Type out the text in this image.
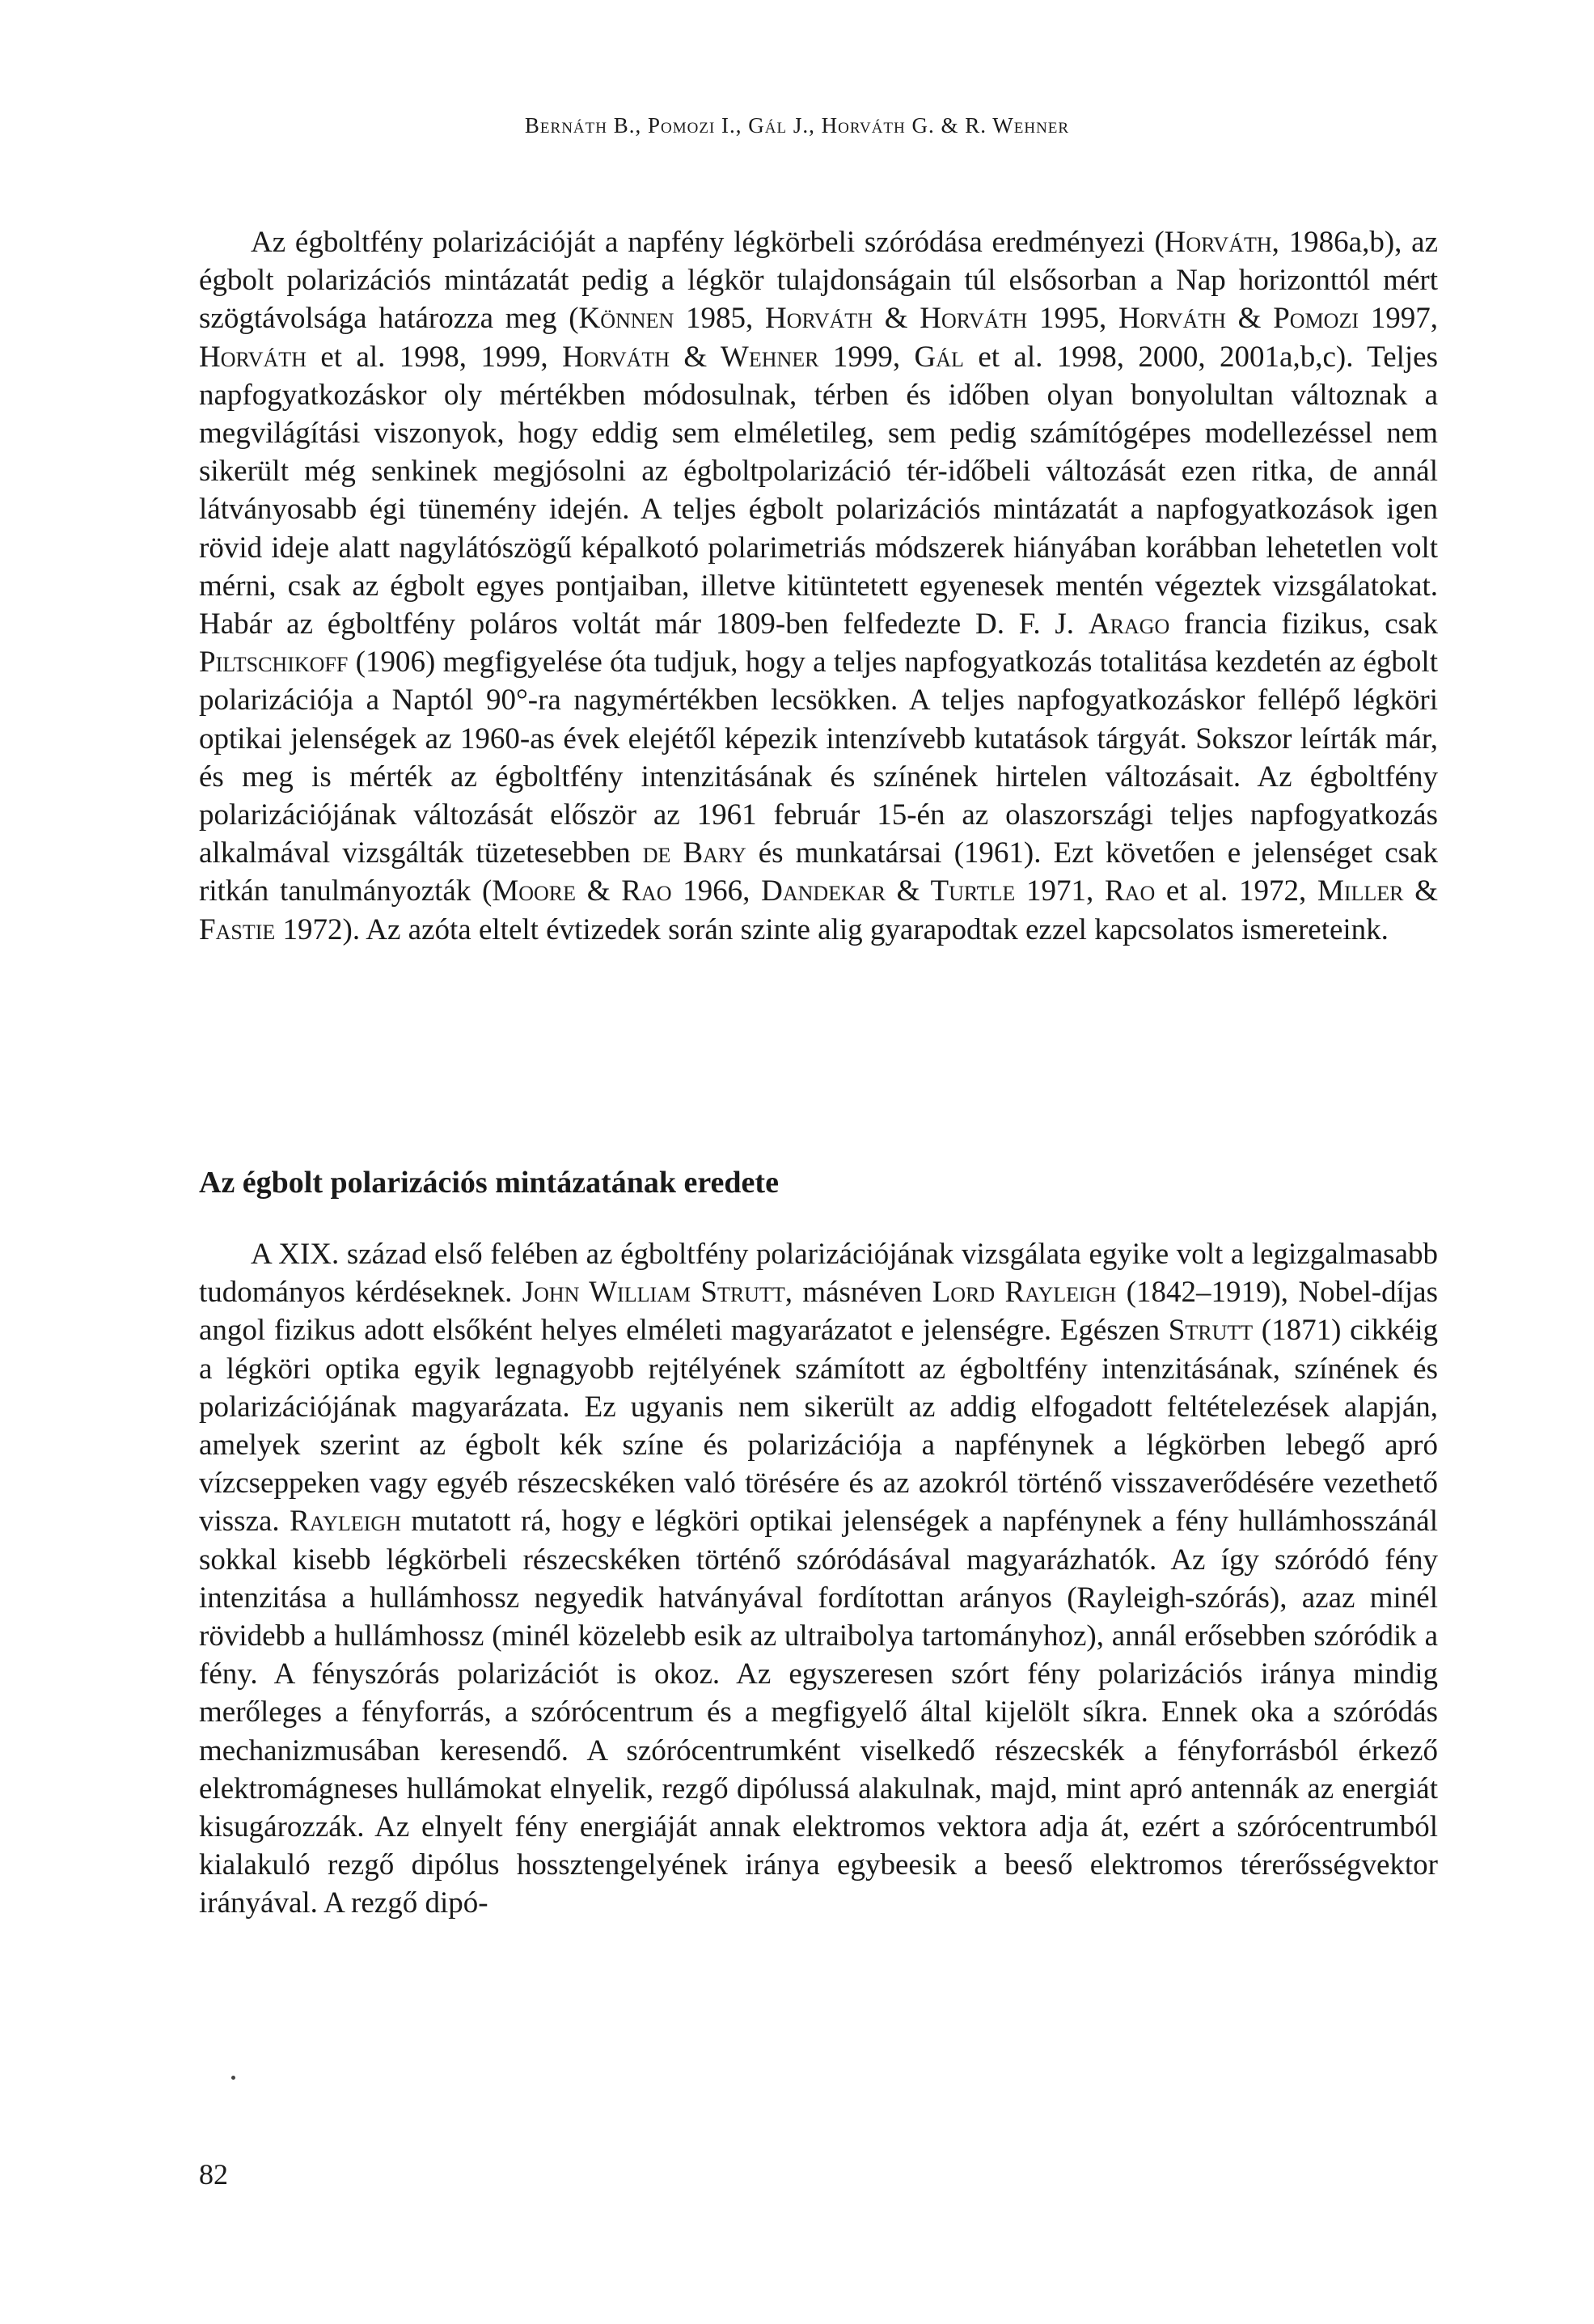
Bernáth B., Pomozi I., Gál J., Horváth G. & R. Wehner

Az égboltfény polarizációját a napfény légkörbeli szóródása eredményezi (Horváth, 1986a,b), az égbolt polarizációs mintázatát pedig a légkör tulajdonságain túl elsősorban a Nap horizonttól mért szögtávolsága határozza meg (Können 1985, Horváth & Horváth 1995, Horváth & Pomozi 1997, Horváth et al. 1998, 1999, Horváth & Wehner 1999, Gál et al. 1998, 2000, 2001a,b,c). Teljes napfogyatkozáskor oly mértékben módosulnak, térben és időben olyan bonyolultan változnak a megvilágítási viszonyok, hogy eddig sem elméletileg, sem pedig számítógépes modellezéssel nem sikerült még senkinek megjósolni az égboltpolarizáció tér-időbeli változását ezen ritka, de annál látványosabb égi tünemény idején. A teljes égbolt polarizációs mintázatát a napfogyatkozások igen rövid ideje alatt nagylátószögű képalkotó polarimetriás módszerek hiányában korábban lehetetlen volt mérni, csak az égbolt egyes pontjaiban, illetve kitüntetett egyenesek mentén végeztek vizsgálatokat. Habár az égboltfény poláros voltát már 1809-ben felfedezte D. F. J. Arago francia fizikus, csak Piltschikoff (1906) megfigyelése óta tudjuk, hogy a teljes napfogyatkozás totalitása kezdetén az égbolt polarizációja a Naptól 90°-ra nagymértékben lecsökken. A teljes napfogyatkozáskor fellépő légköri optikai jelenségek az 1960-as évek elejétől képezik intenzívebb kutatások tárgyát. Sokszor leírták már, és meg is mérték az égboltfény intenzitásának és színének hirtelen változásait. Az égboltfény polarizációjának változását először az 1961 február 15-én az olaszországi teljes napfogyatkozás alkalmával vizsgálták tüzetesebben de Bary és munkatársai (1961). Ezt követően e jelenséget csak ritkán tanulmányozták (Moore & Rao 1966, Dandekar & Turtle 1971, Rao et al. 1972, Miller & Fastie 1972). Az azóta eltelt évtizedek során szinte alig gyarapodtak ezzel kapcsolatos ismereteink.

Az égbolt polarizációs mintázatának eredete

A XIX. század első felében az égboltfény polarizációjának vizsgálata egyike volt a legizgalmasabb tudományos kérdéseknek. John William Strutt, másnéven Lord Rayleigh (1842–1919), Nobel-díjas angol fizikus adott elsőként helyes elméleti magyarázatot e jelenségre. Egészen Strutt (1871) cikkéig a légköri optika egyik legnagyobb rejtélyének számított az égboltfény intenzitásának, színének és polarizációjának magyarázata. Ez ugyanis nem sikerült az addig elfogadott feltételezések alapján, amelyek szerint az égbolt kék színe és polarizációja a napfénynek a légkörben lebegő apró vízcseppeken vagy egyéb részecskéken való törésére és az azokról történő visszaverődésére vezethető vissza. Rayleigh mutatott rá, hogy e légköri optikai jelenségek a napfénynek a fény hullámhosszánál sokkal kisebb légkörbeli részecskéken történő szóródásával magyarázhatók. Az így szóródó fény intenzitása a hullámhossz negyedik hatványával fordítottan arányos (Rayleigh-szórás), azaz minél rövidebb a hullámhossz (minél közelebb esik az ultraibolya tartományhoz), annál erősebben szóródik a fény. A fényszórás polarizációt is okoz. Az egyszeresen szórt fény polarizációs iránya mindig merőleges a fényforrás, a szórócentrum és a megfigyelő által kijelölt síkra. Ennek oka a szóródás mechanizmusában keresendő. A szórócentrumként viselkedő részecskék a fényforrásból érkező elektromágneses hullámokat elnyelik, rezgő dipólussá alakulnak, majd, mint apró antennák az energiát kisugározzák. Az elnyelt fény energiáját annak elektromos vektora adja át, ezért a szórócentrumból kialakuló rezgő dipólus hossztengelyének iránya egybeesik a beeső elektromos térerősségvektor irányával. A rezgő dipó-

82
